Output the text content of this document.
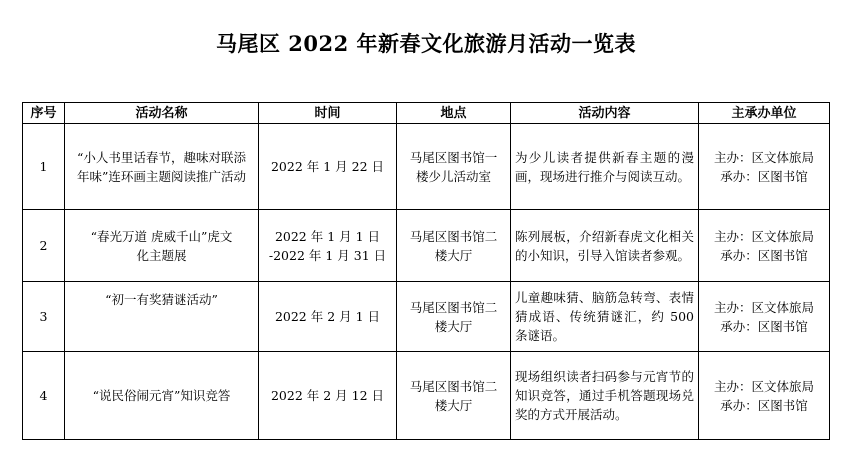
马尾区 2022 年新春文化旅游月活动一览表
序号	活动名称	时间	地点	活动内容	主承办单位
1	“小人书里话春节，趣味对联添年味”连环画主题阅读推广活动	2022 年 1 月 22 日	马尾区图书馆一楼少儿活动室	为少儿读者提供新春主题的漫画，现场进行推介与阅读互动。	主办：区文体旅局
承办：区图书馆

2	“春光万道 虎威千山”虎文化主题展	2022 年 1 月 1 日
-2022 年 1 月 31 日	马尾区图书馆二楼大厅	陈列展板，介绍新春虎文化相关的小知识，引导入馆读者参观。	主办：区文体旅局
承办：区图书馆

3	“初一有奖猜谜活动”	2022 年 2 月 1 日	马尾区图书馆二楼大厅	儿童趣味猜、脑筋急转弯、表情猜成语、传统猜谜汇，约 500 条谜语。	主办：区文体旅局
承办：区图书馆

4	“说民俗闹元宵”知识竞答	2022 年 2 月 12 日	马尾区图书馆二楼大厅	现场组织读者扫码参与元宵节的知识竞答，通过手机答题现场兑奖的方式开展活动。	主办：区文体旅局
承办：区图书馆
